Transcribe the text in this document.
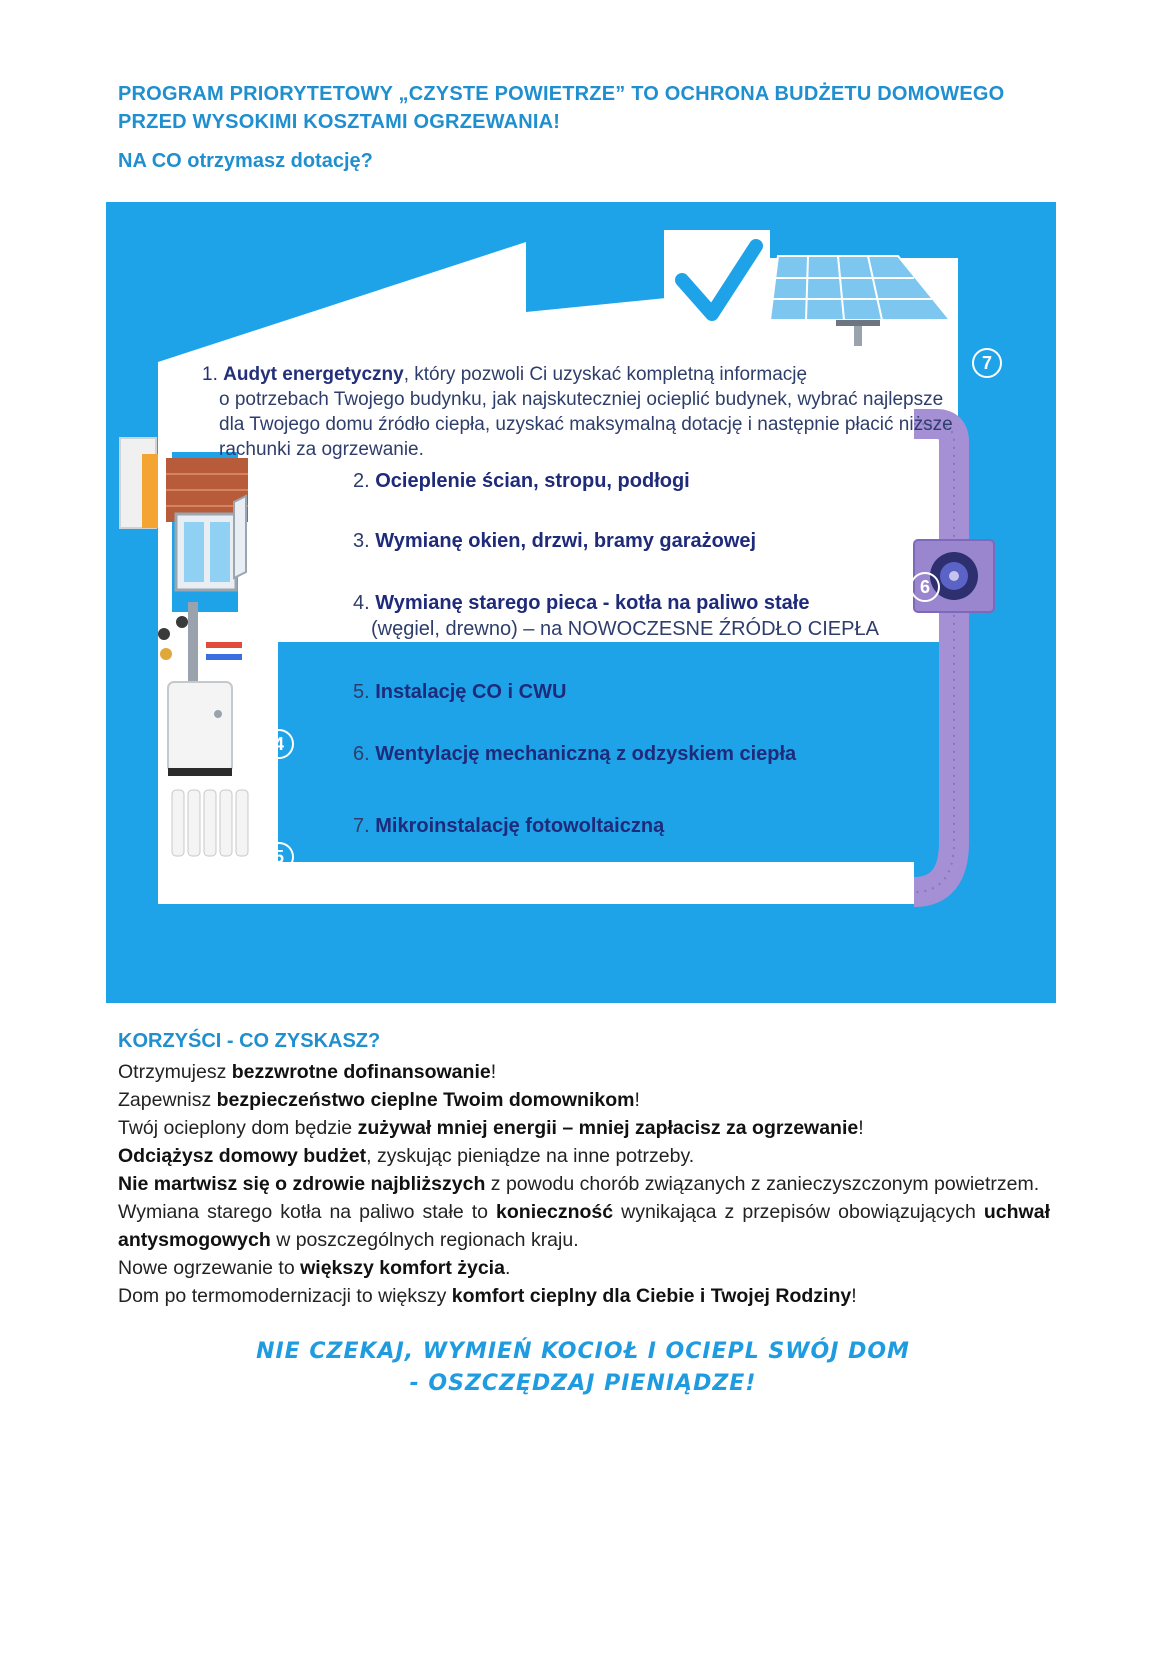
PROGRAM PRIORYTETOWY „CZYSTE POWIETRZE” TO OCHRONA BUDŻETU DOMOWEGO PRZED WYSOKIMI KOSZTAMI OGRZEWANIA!
NA CO otrzymasz dotację?
1. Audyt energetyczny, który pozwoli Ci uzyskać kompletną informację
o potrzebach Twojego budynku, jak najskuteczniej ocieplić budynek, wybrać najlepsze dla Twojego domu źródło ciepła, uzyskać maksymalną dotację i następnie płacić niższe rachunki za ogrzewanie.
2. Ocieplenie ścian, stropu, podłogi
3. Wymianę okien, drzwi, bramy garażowej
4. Wymianę starego pieca - kotła na paliwo stałe
(węgiel, drewno) – na NOWOCZESNE ŹRÓDŁO CIEPŁA
5. Instalację CO i CWU
6. Wentylację mechaniczną z odzyskiem ciepła
7. Mikroinstalację fotowoltaiczną
2
3
4
5
6
7
KORZYŚCI - CO ZYSKASZ?

Otrzymujesz bezzwrotne dofinansowanie!

Zapewnisz bezpieczeństwo cieplne Twoim domownikom!

Twój ocieplony dom będzie zużywał mniej energii – mniej zapłacisz za ogrzewanie!

Odciążysz domowy budżet, zyskując pieniądze na inne potrzeby.

Nie martwisz się o zdrowie najbliższych z powodu chorób związanych z zanieczyszczonym powietrzem.

Wymiana starego kotła na paliwo stałe to konieczność wynikająca z przepisów obowiązujących uchwał antysmogowych w poszczególnych regionach kraju.

Nowe ogrzewanie to większy komfort życia.

Dom po termomodernizacji to większy komfort cieplny dla Ciebie i Twojej Rodziny!

NIE CZEKAJ, WYMIEŃ KOCIOŁ I OCIEPL SWÓJ DOM
- OSZCZĘDZAJ PIENIĄDZE!
